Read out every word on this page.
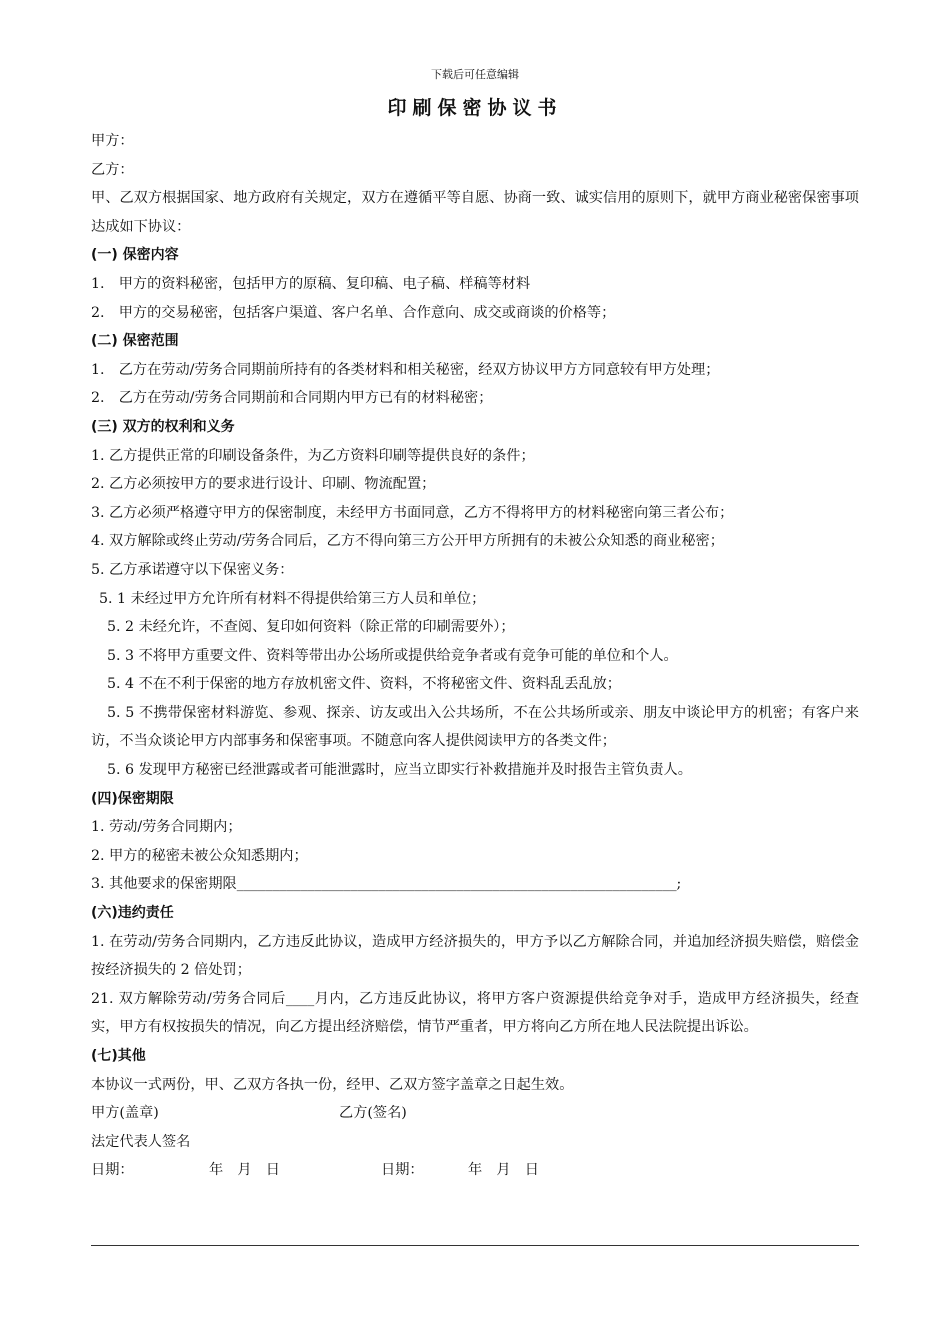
下载后可任意编辑
印刷保密协议书

甲方：

乙方：

甲、乙双方根据国家、地方政府有关规定，双方在遵循平等自愿、协商一致、诚实信用的原则下，就甲方商业秘密保密事项达成如下协议：

(一) 保密内容

1.　甲方的资料秘密，包括甲方的原稿、复印稿、电子稿、样稿等材料

2.　甲方的交易秘密，包括客户渠道、客户名单、合作意向、成交或商谈的价格等；

(二) 保密范围

1.　乙方在劳动/劳务合同期前所持有的各类材料和相关秘密，经双方协议甲方方同意较有甲方处理；

2.　乙方在劳动/劳务合同期前和合同期内甲方已有的材料秘密；

(三) 双方的权利和义务

1. 乙方提供正常的印刷设备条件，为乙方资料印刷等提供良好的条件；

2. 乙方必须按甲方的要求进行设计、印刷、物流配置；

3. 乙方必须严格遵守甲方的保密制度，未经甲方书面同意，乙方不得将甲方的材料秘密向第三者公布；

4. 双方解除或终止劳动/劳务合同后，乙方不得向第三方公开甲方所拥有的未被公众知悉的商业秘密；

5. 乙方承诺遵守以下保密义务：

5. 1 未经过甲方允许所有材料不得提供给第三方人员和单位；

5. 2 未经允许，不查阅、复印如何资料（除正常的印刷需要外）；

5. 3 不将甲方重要文件、资料等带出办公场所或提供给竞争者或有竞争可能的单位和个人。

5. 4 不在不利于保密的地方存放机密文件、资料，不将秘密文件、资料乱丢乱放；

5. 5 不携带保密材料游览、参观、探亲、访友或出入公共场所，不在公共场所或亲、朋友中谈论甲方的机密；有客户来访，不当众谈论甲方内部事务和保密事项。不随意向客人提供阅读甲方的各类文件；

5. 6 发现甲方秘密已经泄露或者可能泄露时，应当立即实行补救措施并及时报告主管负责人。

(四)保密期限

1. 劳动/劳务合同期内；

2. 甲方的秘密未被公众知悉期内；

3. 其他要求的保密期限______________________________________________________________;

(六)违约责任

1. 在劳动/劳务合同期内，乙方违反此协议，造成甲方经济损失的，甲方予以乙方解除合同，并追加经济损失赔偿，赔偿金按经济损失的 2 倍处罚；

21. 双方解除劳动/劳务合同后____月内，乙方违反此协议，将甲方客户资源提供给竞争对手，造成甲方经济损失，经查实，甲方有权按损失的情况，向乙方提出经济赔偿，情节严重者，甲方将向乙方所在地人民法院提出诉讼。

(七)其他

本协议一式两份，甲、乙双方各执一份，经甲、乙双方签字盖章之日起生效。

甲方(盖章)	乙方(签名)
法定代表人签名
日期：	年　月　日	日期：	年　月　日
